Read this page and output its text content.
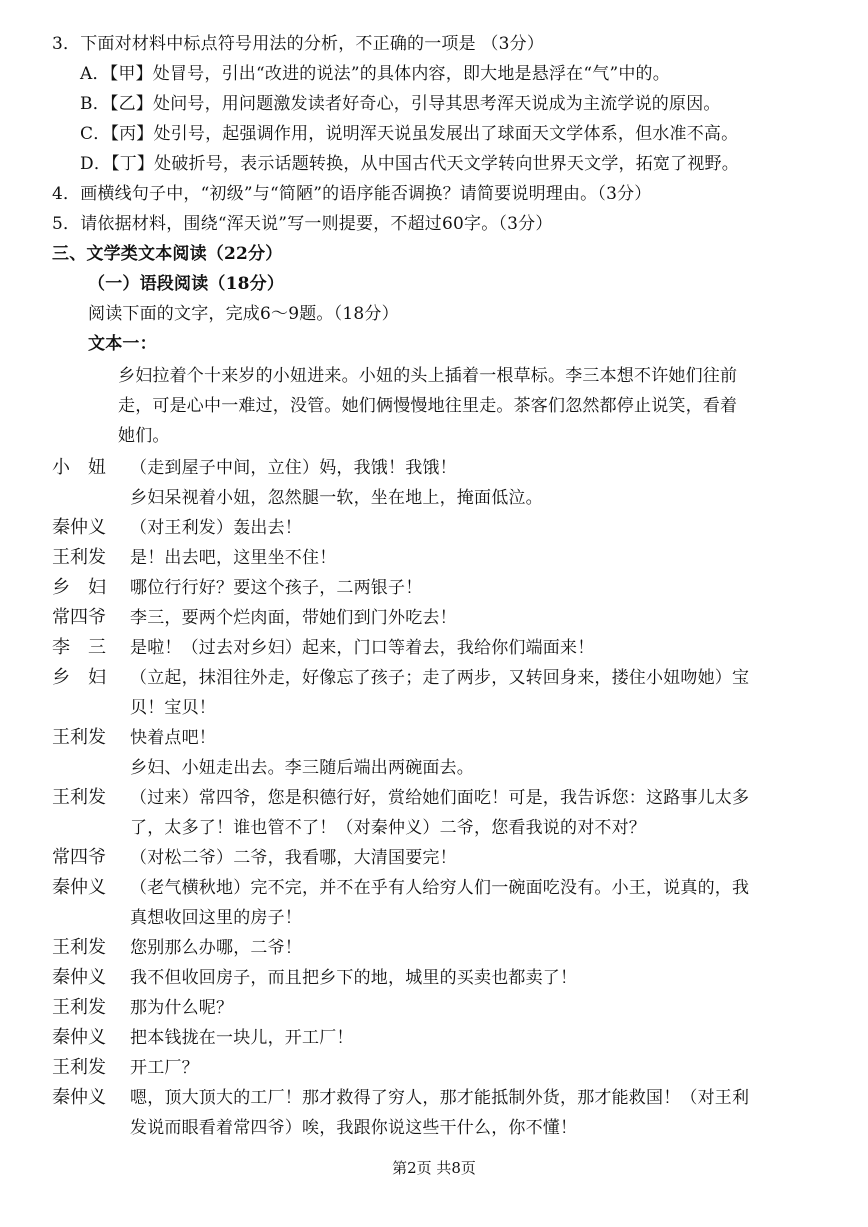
3．下面对材料中标点符号用法的分析，不正确的一项是 （3分）
A．【甲】处冒号，引出“改进的说法”的具体内容，即大地是悬浮在“气”中的。
B．【乙】处问号，用问题激发读者好奇心，引导其思考浑天说成为主流学说的原因。
C．【丙】处引号，起强调作用，说明浑天说虽发展出了球面天文学体系，但水准不高。
D．【丁】处破折号，表示话题转换，从中国古代天文学转向世界天文学，拓宽了视野。
4．画横线句子中，“初级”与“简陋”的语序能否调换？请简要说明理由。（3分）
5．请依据材料，围绕“浑天说”写一则提要，不超过60字。（3分）
三、文学类文本阅读（22分）
（一）语段阅读（18分）
阅读下面的文字，完成6～9题。（18分）
文本一：
乡妇拉着个十来岁的小妞进来。小妞的头上插着一根草标。李三本想不许她们往前
走，可是心中一难过，没管。她们俩慢慢地往里走。茶客们忽然都停止说笑，看着
她们。
小　妞	（走到屋子中间，立住）妈，我饿！我饿！
乡妇呆视着小妞，忽然腿一软，坐在地上，掩面低泣。
秦仲义	（对王利发）轰出去！
王利发	是！出去吧，这里坐不住！
乡　妇	哪位行行好？要这个孩子，二两银子！
常四爷	李三，要两个烂肉面，带她们到门外吃去！
李　三	是啦！（过去对乡妇）起来，门口等着去，我给你们端面来！
乡　妇	（立起，抹泪往外走，好像忘了孩子；走了两步，又转回身来，搂住小妞吻她）宝
贝！宝贝！
王利发	快着点吧！
乡妇、小妞走出去。李三随后端出两碗面去。
王利发	（过来）常四爷，您是积德行好，赏给她们面吃！可是，我告诉您：这路事儿太多
了，太多了！谁也管不了！（对秦仲义）二爷，您看我说的对不对？
常四爷	（对松二爷）二爷，我看哪，大清国要完！
秦仲义	（老气横秋地）完不完，并不在乎有人给穷人们一碗面吃没有。小王，说真的，我
真想收回这里的房子！
王利发	您别那么办哪，二爷！
秦仲义	我不但收回房子，而且把乡下的地，城里的买卖也都卖了！
王利发	那为什么呢？
秦仲义	把本钱拢在一块儿，开工厂！
王利发	开工厂？
秦仲义	嗯，顶大顶大的工厂！那才救得了穷人，那才能抵制外货，那才能救国！（对王利
发说而眼看着常四爷）唉，我跟你说这些干什么，你不懂！
第2页 共8页
